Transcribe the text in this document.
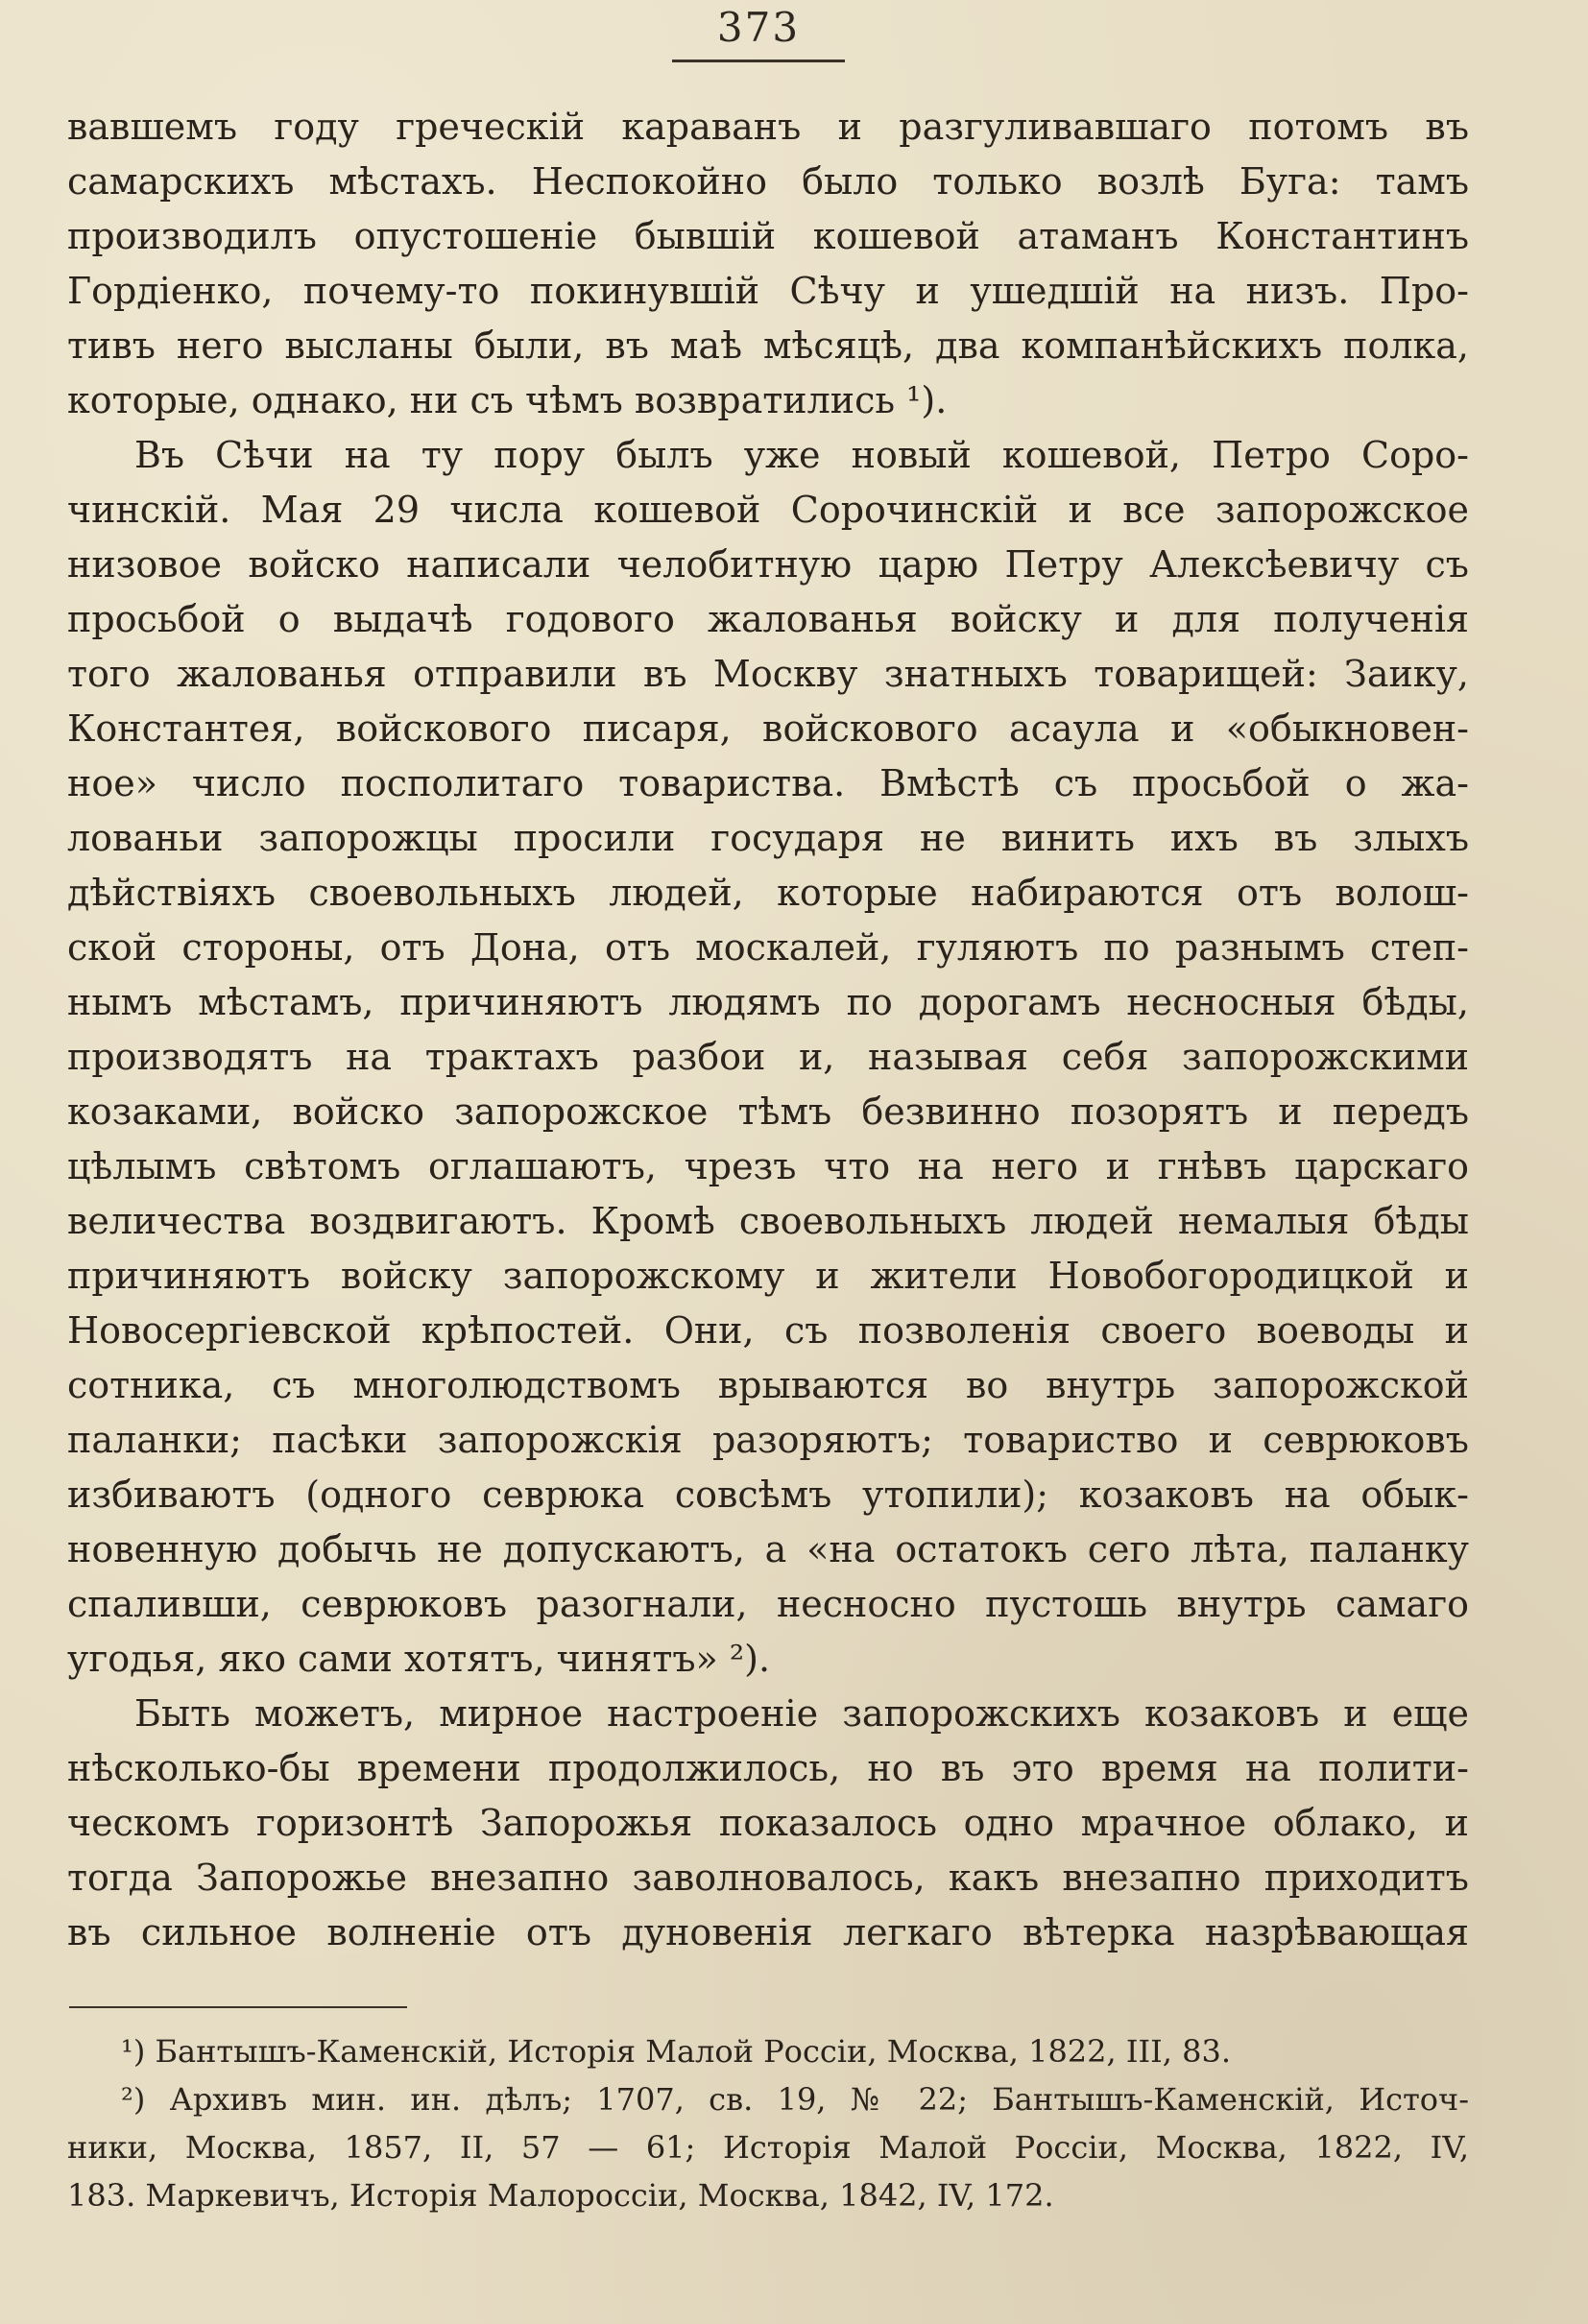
373
вавшемъ году греческій караванъ и разгуливавшаго потомъ въ
самарскихъ мѣстахъ. Неспокойно было только возлѣ Буга: тамъ
производилъ опустошеніе бывшій кошевой атаманъ Константинъ
Гордіенко, почему-то покинувшій Сѣчу и ушедшій на низъ. Про-
тивъ него высланы были, въ маѣ мѣсяцѣ, два компанѣйскихъ полка,
которые, однако, ни съ чѣмъ возвратились ¹).
Въ Сѣчи на ту пору былъ уже новый кошевой, Петро Соро-
чинскій. Мая 29 числа кошевой Сорочинскій и все запорожское
низовое войско написали челобитную царю Петру Алексѣевичу съ
просьбой о выдачѣ годового жалованья войску и для полученія
того жалованья отправили въ Москву знатныхъ товарищей: Заику,
Константея, войскового писаря, войскового асаула и «обыкновен-
ное» число посполитаго товариства. Вмѣстѣ съ просьбой о жа-
лованьи запорожцы просили государя не винить ихъ въ злыхъ
дѣйствіяхъ своевольныхъ людей, которые набираются отъ волош-
ской стороны, отъ Дона, отъ москалей, гуляютъ по разнымъ степ-
нымъ мѣстамъ, причиняютъ людямъ по дорогамъ несносныя бѣды,
производятъ на трактахъ разбои и, называя себя запорожскими
козаками, войско запорожское тѣмъ безвинно позорятъ и передъ
цѣлымъ свѣтомъ оглашаютъ, чрезъ что на него и гнѣвъ царскаго
величества воздвигаютъ. Кромѣ своевольныхъ людей немалыя бѣды
причиняютъ войску запорожскому и жители Новобогородицкой и
Новосергіевской крѣпостей. Они, съ позволенія своего воеводы и
сотника, съ многолюдствомъ врываются во внутрь запорожской
паланки; пасѣки запорожскія разоряютъ; товариство и севрюковъ
избиваютъ (одного севрюка совсѣмъ утопили); козаковъ на обык-
новенную добычь не допускаютъ, а «на остатокъ сего лѣта, паланку
спаливши, севрюковъ разогнали, несносно пустошь внутрь самаго
угодья, яко сами хотятъ, чинятъ» ²).
Быть можетъ, мирное настроеніе запорожскихъ козаковъ и еще
нѣсколько-бы времени продолжилось, но въ это время на полити-
ческомъ горизонтѣ Запорожья показалось одно мрачное облако, и
тогда Запорожье внезапно заволновалось, какъ внезапно приходитъ
въ сильное волненіе отъ дуновенія легкаго вѣтерка назрѣвающая
¹) Бантышъ-Каменскій, Исторія Малой Россіи, Москва, 1822, III, 83.
²) Архивъ мин. ин. дѣлъ; 1707, св. 19, № 22; Бантышъ-Каменскій, Источ-
ники, Москва, 1857, II, 57 — 61; Исторія Малой Россіи, Москва, 1822, IV,
183. Маркевичъ, Исторія Малороссіи, Москва, 1842, IV, 172.
